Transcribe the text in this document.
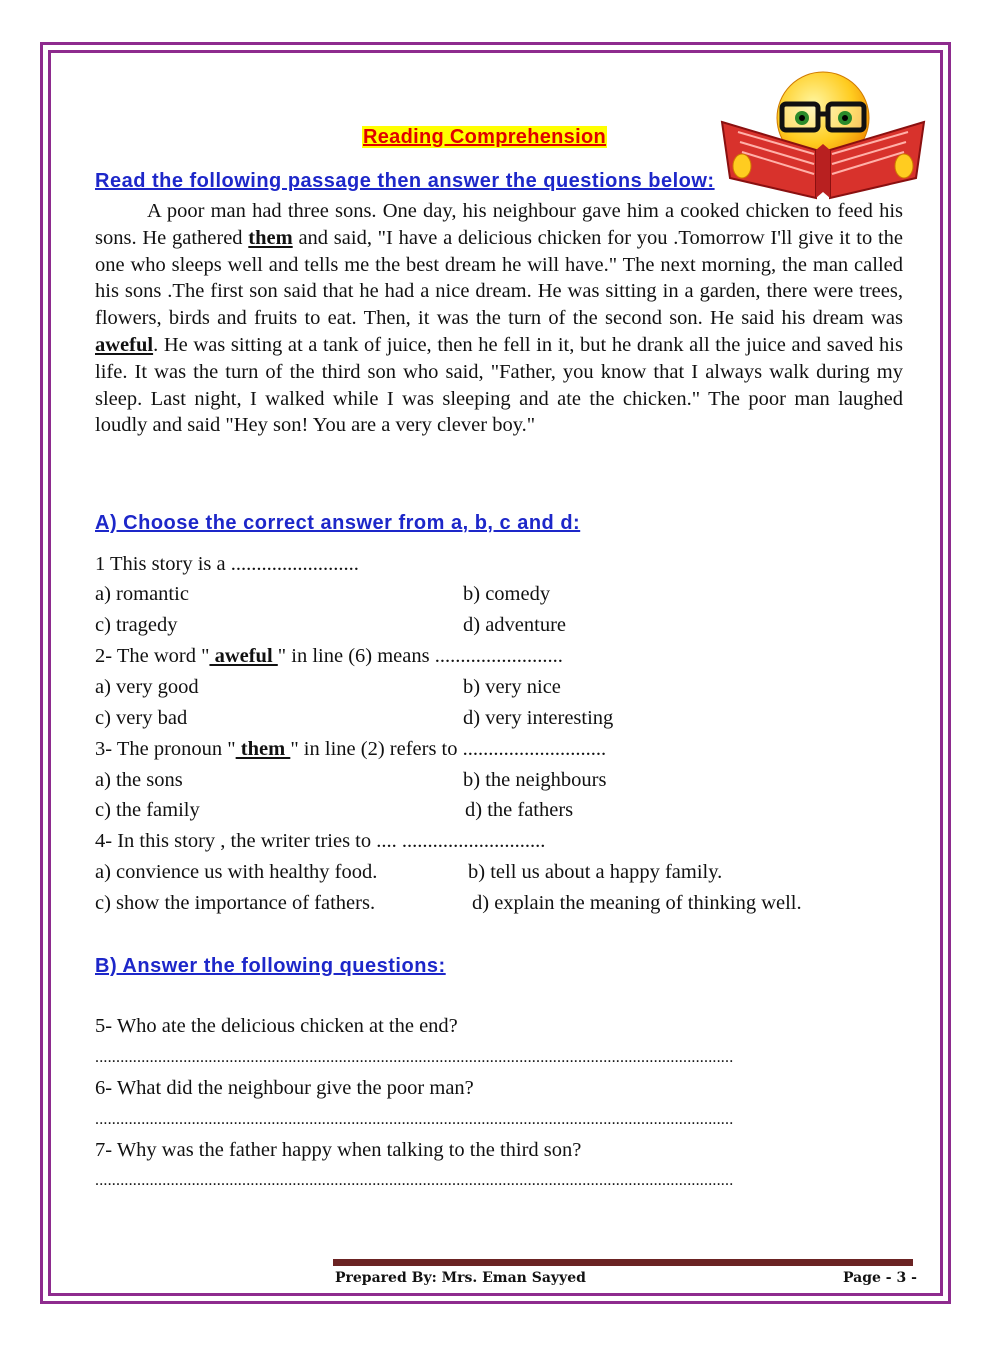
Reading Comprehension
Read the following passage then answer the questions below:
A poor man had three sons. One day, his neighbour gave him a cooked chicken to feed his sons. He gathered them and said, "I have a delicious chicken for you .Tomorrow I'll give it to the one who sleeps well and tells me the best dream he will have." The next morning, the man called his sons .The first son said that he had a nice dream. He was sitting in a garden, there were trees, flowers, birds and fruits to eat. Then, it was the turn of the second son. He said his dream was aweful. He was sitting at a tank of juice, then he fell in it, but he drank all the juice and saved his life. It was the turn of the third son who said, "Father, you know that I always walk during my sleep. Last night, I walked while I was sleeping and ate the chicken." The poor man laughed loudly and said "Hey son! You are a very clever boy."
A) Choose the correct answer from a, b, c and d:
1 This story is a .........................
a) romantic	b) comedy
c) tragedy	d) adventure
2- The word " aweful " in line (6) means .........................
a) very good	b) very nice
c) very bad	d) very interesting
3- The pronoun " them " in line (2) refers to ............................
a) the sons	b) the neighbours
c) the family	d) the fathers
4- In this story , the writer tries to .... ............................
a) convience us with healthy food.	b) tell us about a happy family.
c) show the importance of fathers.	d) explain the meaning of thinking well.
B) Answer the following questions:
5- Who ate the delicious chicken at the end?
........................................................................................................................................................
6- What did the neighbour give the poor man?
........................................................................................................................................................
7- Why was the father happy when talking to the third son?
........................................................................................................................................................
Prepared By: Mrs. Eman Sayyed	Page - 3 -
